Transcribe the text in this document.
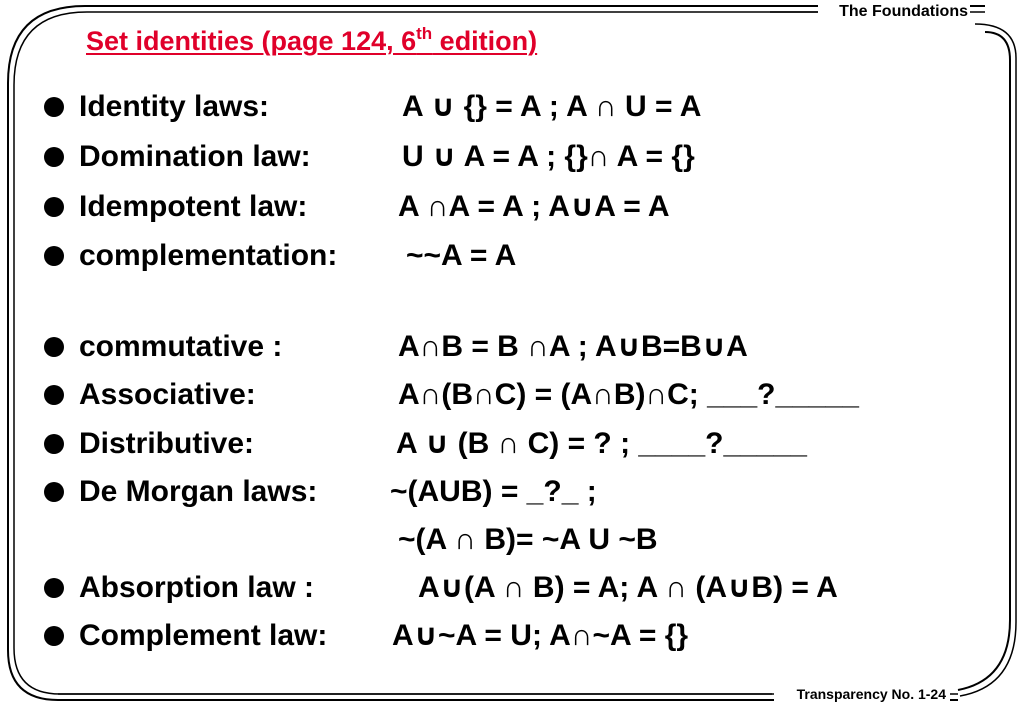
The Foundations
Transparency No. 1-24
Set identities (page 124, 6th edition)
Identity laws:	A ∪ {} = A ; A ∩ U = A
Domination law:	U ∪ A = A ; {}∩ A = {}
Idempotent law:	A ∩A = A ; A∪A = A
complementation: ~~A = A
commutative :	A∩B = B ∩A ; A∪B=B∪A
Associative:	A∩(B∩C) = (A∩B)∩C; ___?_____
Distributive:	A ∪ (B ∩ C) = ? ; ____?_____
De Morgan laws: ~(AUB) = _?_ ;
~(A ∩ B)= ~A U ~B
Absorption law :	A∪(A ∩ B) = A; A ∩ (A∪B) = A
Complement law: A∪~A = U; A∩~A = {}
